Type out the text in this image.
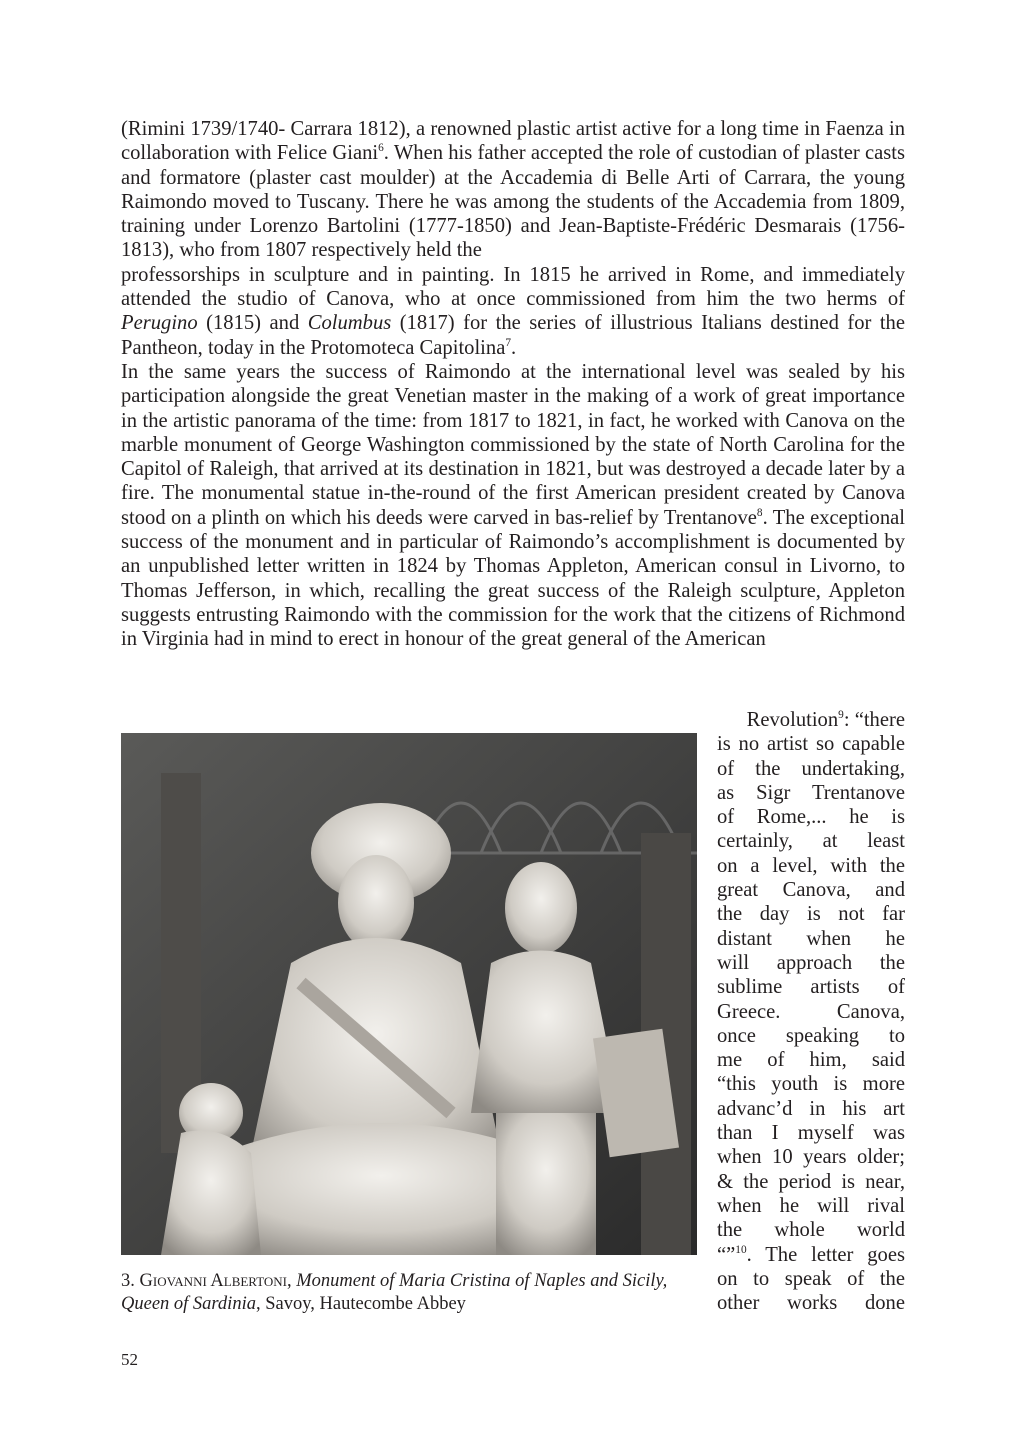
(Rimini 1739/1740- Carrara 1812), a renowned plastic artist active for a long time in Faenza in collaboration with Felice Giani$^6$. When his father accepted the role of custodian of plaster casts and formatore (plaster cast moulder) at the Accademia di Belle Arti of Carrara, the young Raimondo moved to Tuscany. There he was among the students of the Accademia from 1809, training under Lorenzo Bartolini (1777-1850) and Jean-Baptiste-Frédéric Desmarais (1756-1813), who from 1807 respectively held the

professorships in sculpture and in painting. In 1815 he arrived in Rome, and immediately attended the studio of Canova, who at once commissioned from him the two herms of Perugino (1815) and Columbus (1817) for the series of illustrious Italians destined for the Pantheon, today in the Protomoteca Capitolina$^7$.

In the same years the success of Raimondo at the international level was sealed by his participation alongside the great Venetian master in the making of a work of great importance in the artistic panorama of the time: from 1817 to 1821, in fact, he worked with Canova on the marble monument of George Washington commissioned by the state of North Carolina for the Capitol of Raleigh, that arrived at its destination in 1821, but was destroyed a decade later by a fire. The monumental statue in-the-round of the first American president created by Canova stood on a plinth on which his deeds were carved in bas-relief by Trentanove$^8$. The exceptional success of the monument and in particular of Raimondo’s accomplishment is documented by an unpublished letter written in 1824 by Thomas Appleton, American consul in Livorno, to Thomas Jefferson, in which, recalling the great success of the Raleigh sculpture, Appleton suggests entrusting Raimondo with the commission for the work that the citizens of Richmond in Virginia had in mind to erect in honour of the great general of the American

Revolution$^9$: “there
is no artist so capable
of the undertaking,
as Sigr Trentanove
of Rome,... he is
certainly, at least
on a level, with the
great Canova, and
the day is not far
distant when he
will approach the
sublime artists of
Greece. Canova,
once speaking to
me of him, said
“this youth is more
advanc’d in his art
than I myself was
when 10 years older;
& the period is near,
when he will rival
the whole world
“”$^{10}$. The letter goes
on to speak of the
other works done
3. Giovanni Albertoni, Monument of Maria Cristina of Naples and Sicily, Queen of Sardinia, Savoy, Hautecombe Abbey
52
